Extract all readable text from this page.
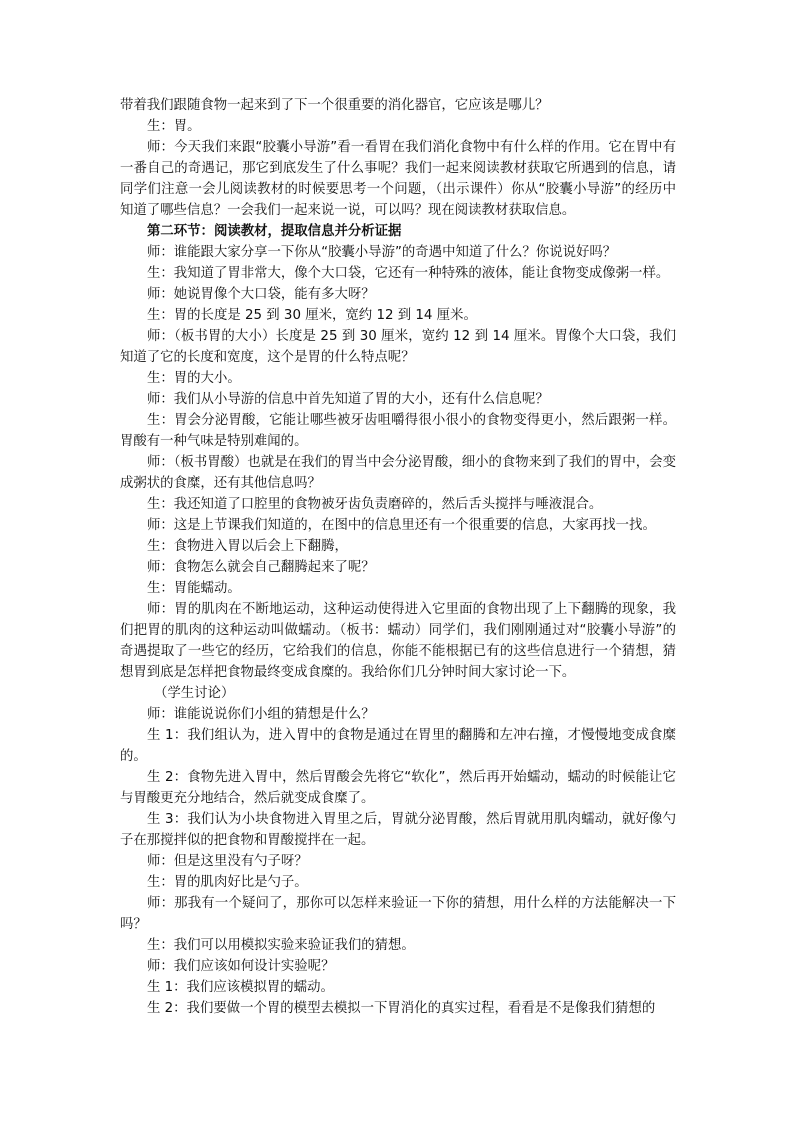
带着我们跟随食物一起来到了下一个很重要的消化器官，它应该是哪儿？

生：胃。

师：今天我们来跟“胶囊小导游”看一看胃在我们消化食物中有什么样的作用。它在胃中有一番自己的奇遇记，那它到底发生了什么事呢？我们一起来阅读教材获取它所遇到的信息，请同学们注意一会儿阅读教材的时候要思考一个问题，（出示课件）你从“胶囊小导游”的经历中知道了哪些信息？一会我们一起来说一说，可以吗？现在阅读教材获取信息。

第二环节：阅读教材，提取信息并分析证据

师：谁能跟大家分享一下你从“胶囊小导游”的奇遇中知道了什么？你说说好吗？

生：我知道了胃非常大，像个大口袋，它还有一种特殊的液体，能让食物变成像粥一样。

师：她说胃像个大口袋，能有多大呀？

生：胃的长度是 25 到 30 厘米，宽约 12 到 14 厘米。

师：（板书胃的大小）长度是 25 到 30 厘米，宽约 12 到 14 厘米。胃像个大口袋，我们知道了它的长度和宽度，这个是胃的什么特点呢？

生：胃的大小。

师：我们从小导游的信息中首先知道了胃的大小，还有什么信息呢？

生：胃会分泌胃酸，它能让哪些被牙齿咀嚼得很小很小的食物变得更小，然后跟粥一样。胃酸有一种气味是特别难闻的。

师：（板书胃酸）也就是在我们的胃当中会分泌胃酸，细小的食物来到了我们的胃中，会变成粥状的食糜，还有其他信息吗？

生：我还知道了口腔里的食物被牙齿负责磨碎的，然后舌头搅拌与唾液混合。

师：这是上节课我们知道的，在图中的信息里还有一个很重要的信息，大家再找一找。

生：食物进入胃以后会上下翻腾，

师：食物怎么就会自己翻腾起来了呢？

生：胃能蠕动。

师：胃的肌肉在不断地运动，这种运动使得进入它里面的食物出现了上下翻腾的现象，我们把胃的肌肉的这种运动叫做蠕动。（板书：蠕动）同学们，我们刚刚通过对“胶囊小导游”的奇遇提取了一些它的经历，它给我们的信息，你能不能根据已有的这些信息进行一个猜想，猜想胃到底是怎样把食物最终变成食糜的。我给你们几分钟时间大家讨论一下。

（学生讨论）

师：谁能说说你们小组的猜想是什么？

生 1：我们组认为，进入胃中的食物是通过在胃里的翻腾和左冲右撞，才慢慢地变成食糜的。

生 2：食物先进入胃中，然后胃酸会先将它“软化”，然后再开始蠕动，蠕动的时候能让它与胃酸更充分地结合，然后就变成食糜了。

生 3：我们认为小块食物进入胃里之后，胃就分泌胃酸，然后胃就用肌肉蠕动，就好像勺子在那搅拌似的把食物和胃酸搅拌在一起。

师：但是这里没有勺子呀？

生：胃的肌肉好比是勺子。

师：那我有一个疑问了，那你可以怎样来验证一下你的猜想，用什么样的方法能解决一下吗？

生：我们可以用模拟实验来验证我们的猜想。

师：我们应该如何设计实验呢？

生 1：我们应该模拟胃的蠕动。

生 2：我们要做一个胃的模型去模拟一下胃消化的真实过程，看看是不是像我们猜想的
